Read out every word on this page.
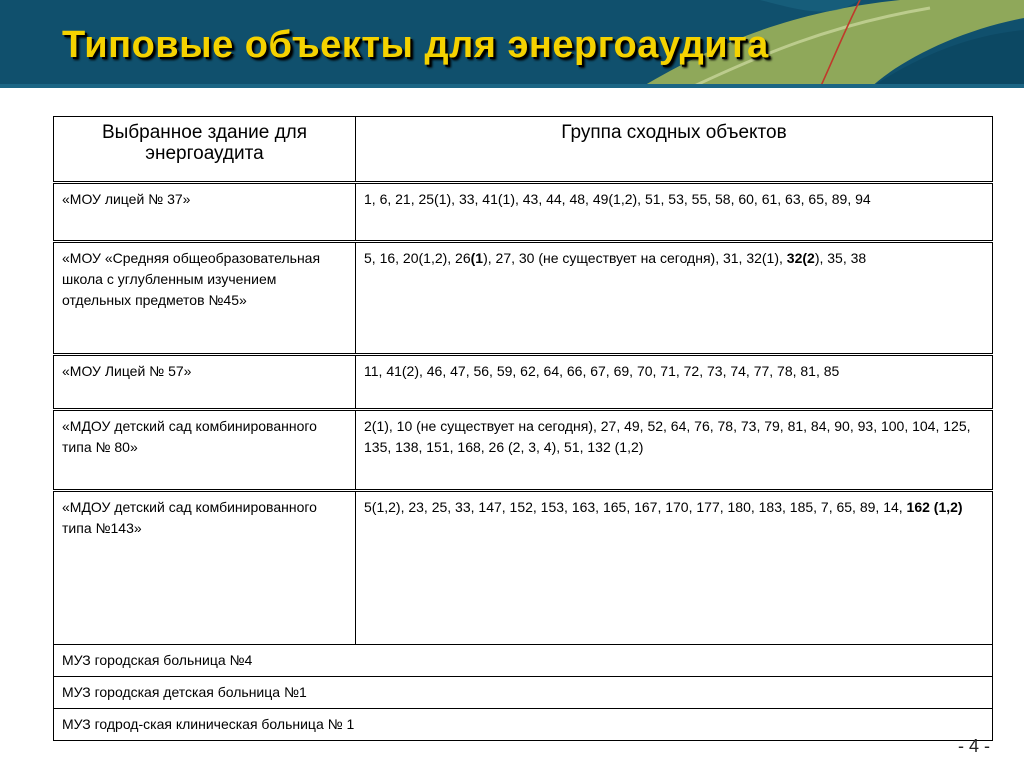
Типовые объекты для энергоаудита
Выбранное здание для энергоаудита	Группа сходных объектов
«МОУ лицей № 37»	1, 6, 21, 25(1), 33, 41(1), 43, 44, 48, 49(1,2), 51, 53, 55, 58, 60, 61, 63, 65, 89, 94
«МОУ «Средняя общеобразовательная школа с углубленным изучением отдельных предметов №45»	5, 16, 20(1,2), 26(1), 27, 30 (не существует на сегодня), 31, 32(1), 32(2), 35, 38
«МОУ Лицей № 57»	11, 41(2), 46, 47, 56, 59, 62, 64, 66, 67, 69, 70, 71, 72, 73, 74, 77, 78, 81, 85
«МДОУ детский сад комбинированного типа № 80»	2(1), 10 (не существует на сегодня), 27, 49, 52, 64, 76, 78, 73, 79, 81, 84, 90, 93, 100, 104, 125, 135, 138, 151, 168, 26 (2, 3, 4), 51, 132 (1,2)
«МДОУ детский сад комбинированного типа №143»	5(1,2), 23, 25, 33, 147, 152, 153, 163, 165, 167, 170, 177, 180, 183, 185, 7, 65, 89, 14, 162 (1,2)
МУЗ городская больница №4	
МУЗ городская детская больница №1	
МУЗ годрод-ская клиническая больница № 1	

- 4 -
